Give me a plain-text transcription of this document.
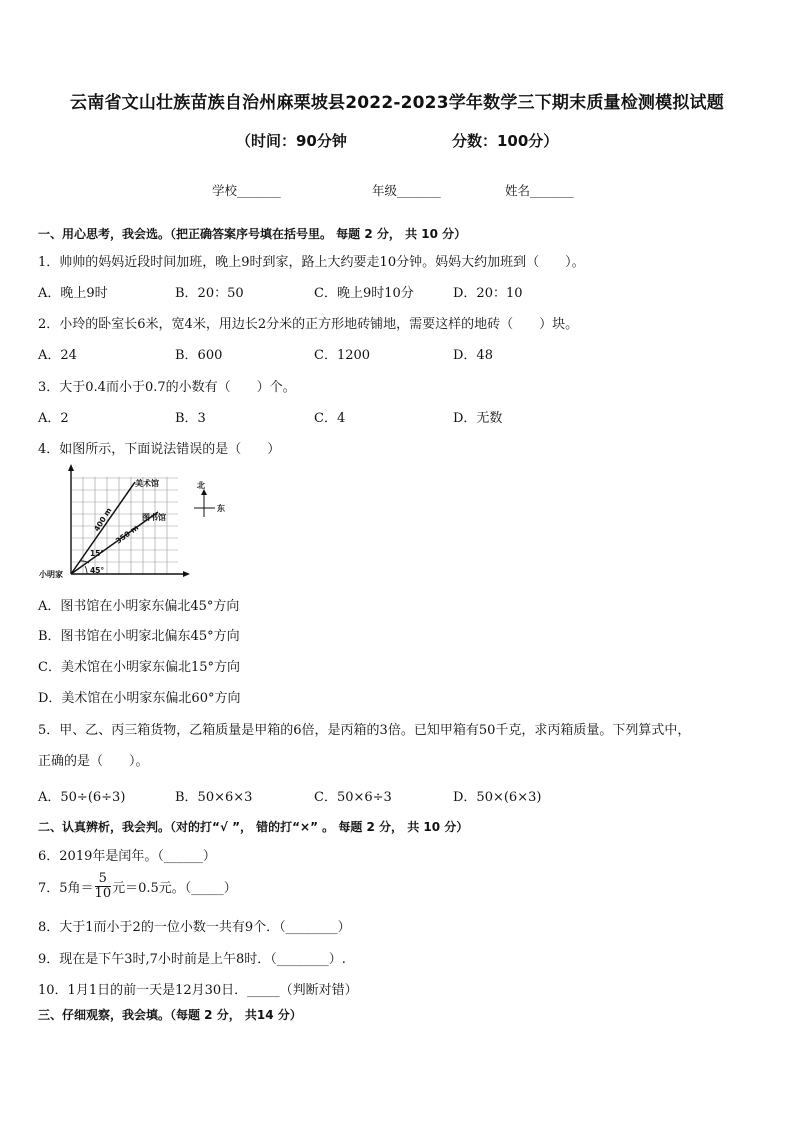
云南省文山壮族苗族自治州麻栗坡县2022-2023学年数学三下期末质量检测模拟试题
（时间：90分钟	分数：100分）
学校_______	年级_______	姓名_______
一、用心思考，我会选。（把正确答案序号填在括号里。 每题 2 分， 共 10 分）
1．帅帅的妈妈近段时间加班，晚上9时到家，路上大约要走10分钟。妈妈大约加班到（　　）。
A．晚上9时	B．20：50	C．晚上9时10分	D．20：10
2．小玲的卧室长6米，宽4米，用边长2分米的正方形地砖铺地，需要这样的地砖（　　）块。
A．24	B．600	C．1200	D．48
3．大于0.4而小于0.7的小数有（　　）个。
A．2	B．3	C．4	D．无数
4．如图所示，下面说法错误的是（　　）
美术馆
图书馆
400 m
350 m
15°
45°
小明家
北
东
A．图书馆在小明家东偏北45°方向
B．图书馆在小明家北偏东45°方向
C．美术馆在小明家东偏北15°方向
D．美术馆在小明家东偏北60°方向
5．甲、乙、丙三箱货物，乙箱质量是甲箱的6倍，是丙箱的3倍。已知甲箱有50千克，求丙箱质量。下列算式中，
正确的是（　　）。
A．50÷(6÷3)	B．50×6×3	C．50×6÷3	D．50×(6×3)
二、认真辨析，我会判。（对的打“√ ”， 错的打“×” 。 每题 2 分， 共 10 分）
6．2019年是闰年。（______）
7．5角＝ $\frac{5}{10}$ 元＝0.5元。（_____）
8．大于1而小于2的一位小数一共有9个．（________）
9．现在是下午3时,7小时前是上午8时．（________）.
10．1月1日的前一天是12月30日．_____（判断对错）
三、仔细观察，我会填。（每题 2 分， 共14 分）
